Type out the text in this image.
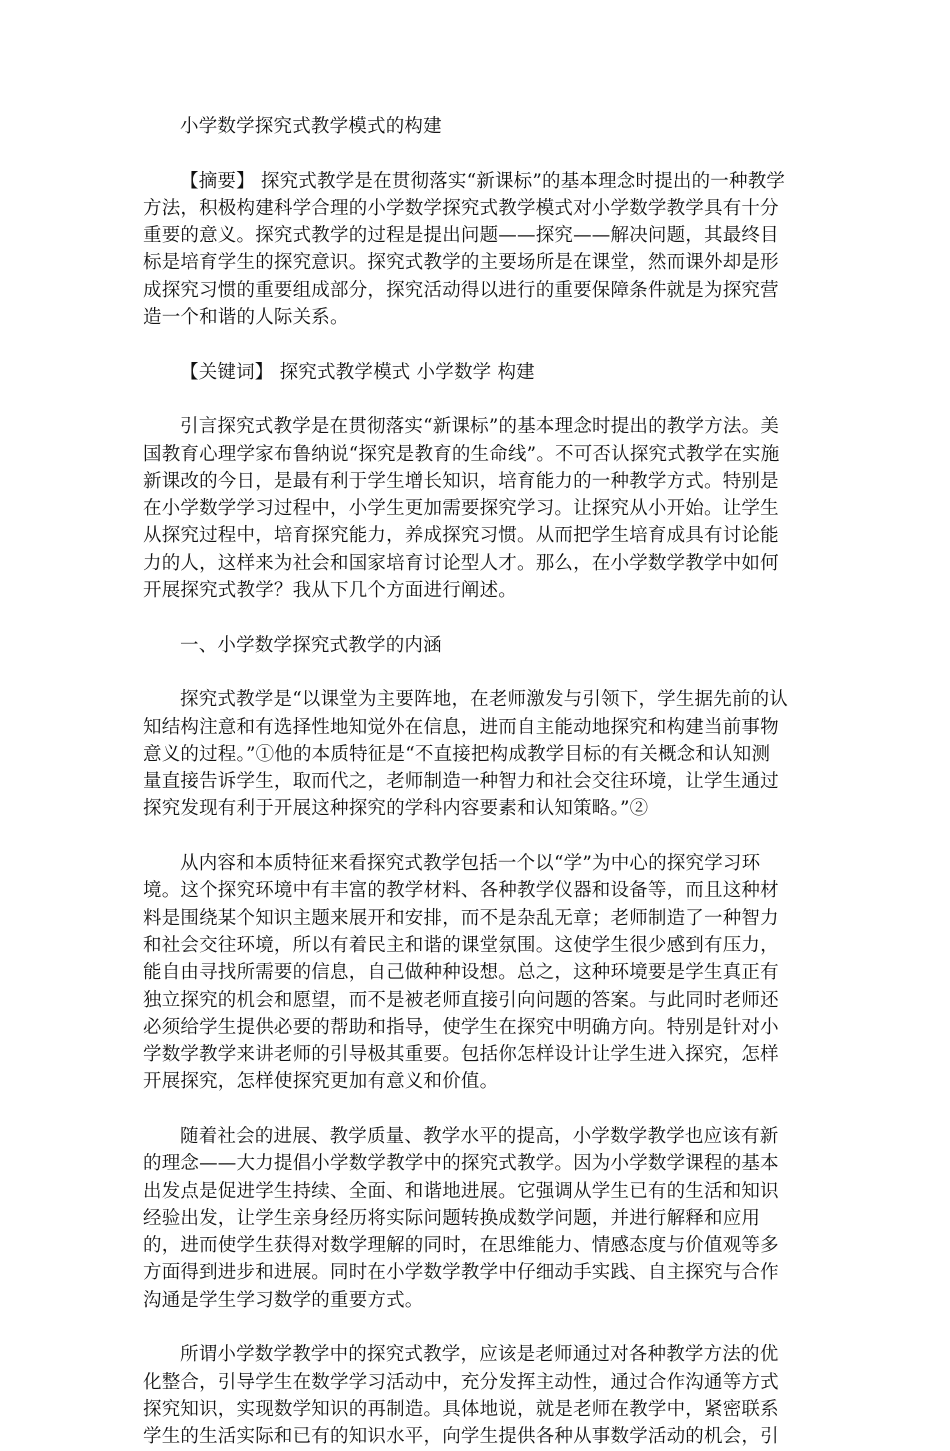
小学数学探究式教学模式的构建

【摘要】 探究式教学是在贯彻落实“新课标”的基本理念时提出的一种教学
方法，积极构建科学合理的小学数学探究式教学模式对小学数学教学具有十分
重要的意义。探究式教学的过程是提出问题——探究——解决问题，其最终目
标是培育学生的探究意识。探究式教学的主要场所是在课堂，然而课外却是形
成探究习惯的重要组成部分，探究活动得以进行的重要保障条件就是为探究营
造一个和谐的人际关系。
【关键词】 探究式教学模式 小学数学 构建
引言探究式教学是在贯彻落实“新课标”的基本理念时提出的教学方法。美
国教育心理学家布鲁纳说“探究是教育的生命线”。不可否认探究式教学在实施
新课改的今日，是最有利于学生增长知识，培育能力的一种教学方式。特别是
在小学数学学习过程中，小学生更加需要探究学习。让探究从小开始。让学生
从探究过程中，培育探究能力，养成探究习惯。从而把学生培育成具有讨论能
力的人，这样来为社会和国家培育讨论型人才。那么，在小学数学教学中如何
开展探究式教学？我从下几个方面进行阐述。
一、小学数学探究式教学的内涵
探究式教学是“以课堂为主要阵地，在老师激发与引领下，学生据先前的认
知结构注意和有选择性地知觉外在信息，进而自主能动地探究和构建当前事物
意义的过程。”①他的本质特征是“不直接把构成教学目标的有关概念和认知测
量直接告诉学生，取而代之，老师制造一种智力和社会交往环境，让学生通过
探究发现有利于开展这种探究的学科内容要素和认知策略。”②
从内容和本质特征来看探究式教学包括一个以“学”为中心的探究学习环
境。这个探究环境中有丰富的教学材料、各种教学仪器和设备等，而且这种材
料是围绕某个知识主题来展开和安排，而不是杂乱无章；老师制造了一种智力
和社会交往环境，所以有着民主和谐的课堂氛围。这使学生很少感到有压力，
能自由寻找所需要的信息，自己做种种设想。总之，这种环境要是学生真正有
独立探究的机会和愿望，而不是被老师直接引向问题的答案。与此同时老师还
必须给学生提供必要的帮助和指导，使学生在探究中明确方向。特别是针对小
学数学教学来讲老师的引导极其重要。包括你怎样设计让学生进入探究，怎样
开展探究，怎样使探究更加有意义和价值。
随着社会的进展、教学质量、教学水平的提高，小学数学教学也应该有新
的理念——大力提倡小学数学教学中的探究式教学。因为小学数学课程的基本
出发点是促进学生持续、全面、和谐地进展。它强调从学生已有的生活和知识
经验出发，让学生亲身经历将实际问题转换成数学问题，并进行解释和应用
的，进而使学生获得对数学理解的同时，在思维能力、情感态度与价值观等多
方面得到进步和进展。同时在小学数学教学中仔细动手实践、自主探究与合作
沟通是学生学习数学的重要方式。
所谓小学数学教学中的探究式教学，应该是老师通过对各种教学方法的优
化整合，引导学生在数学学习活动中，充分发挥主动性，通过合作沟通等方式
探究知识，实现数学知识的再制造。具体地说，就是老师在教学中，紧密联系
学生的生活实际和已有的知识水平，向学生提供各种从事数学活动的机会，引
